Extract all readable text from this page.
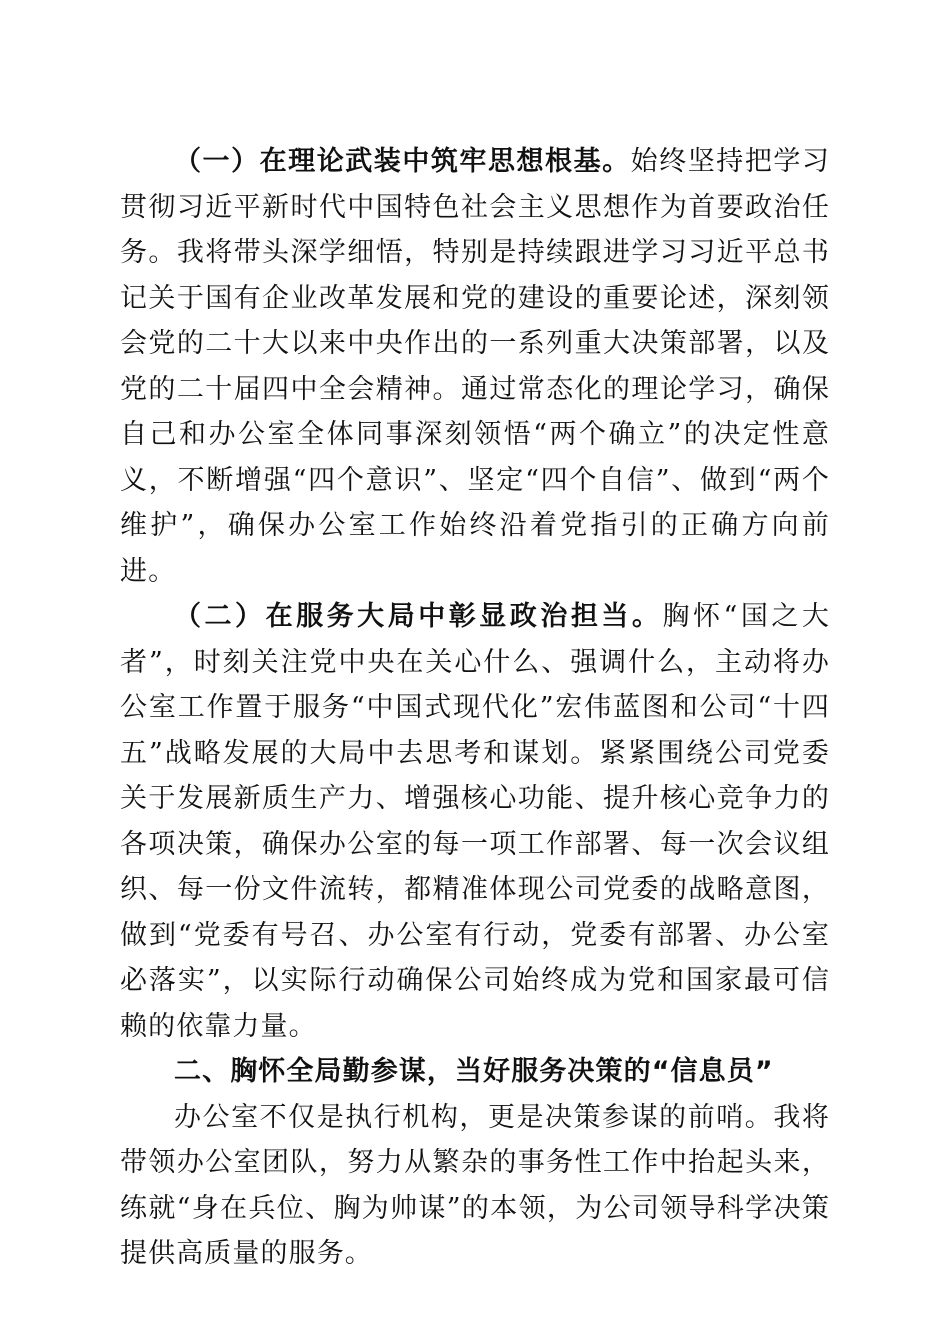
（一）在理论武装中筑牢思想根基。始终坚持把学习贯彻习近平新时代中国特色社会主义思想作为首要政治任务。我将带头深学细悟，特别是持续跟进学习习近平总书记关于国有企业改革发展和党的建设的重要论述，深刻领会党的二十大以来中央作出的一系列重大决策部署，以及党的二十届四中全会精神。通过常态化的理论学习，确保自己和办公室全体同事深刻领悟“两个确立”的决定性意义，不断增强“四个意识”、坚定“四个自信”、做到“两个维护”，确保办公室工作始终沿着党指引的正确方向前进。

（二）在服务大局中彰显政治担当。胸怀“国之大者”，时刻关注党中央在关心什么、强调什么，主动将办公室工作置于服务“中国式现代化”宏伟蓝图和公司“十四五”战略发展的大局中去思考和谋划。紧紧围绕公司党委关于发展新质生产力、增强核心功能、提升核心竞争力的各项决策，确保办公室的每一项工作部署、每一次会议组织、每一份文件流转，都精准体现公司党委的战略意图，做到“党委有号召、办公室有行动，党委有部署、办公室必落实”，以实际行动确保公司始终成为党和国家最可信赖的依靠力量。

二、胸怀全局勤参谋，当好服务决策的“信息员”

办公室不仅是执行机构，更是决策参谋的前哨。我将带领办公室团队，努力从繁杂的事务性工作中抬起头来，练就“身在兵位、胸为帅谋”的本领，为公司领导科学决策提供高质量的服务。
